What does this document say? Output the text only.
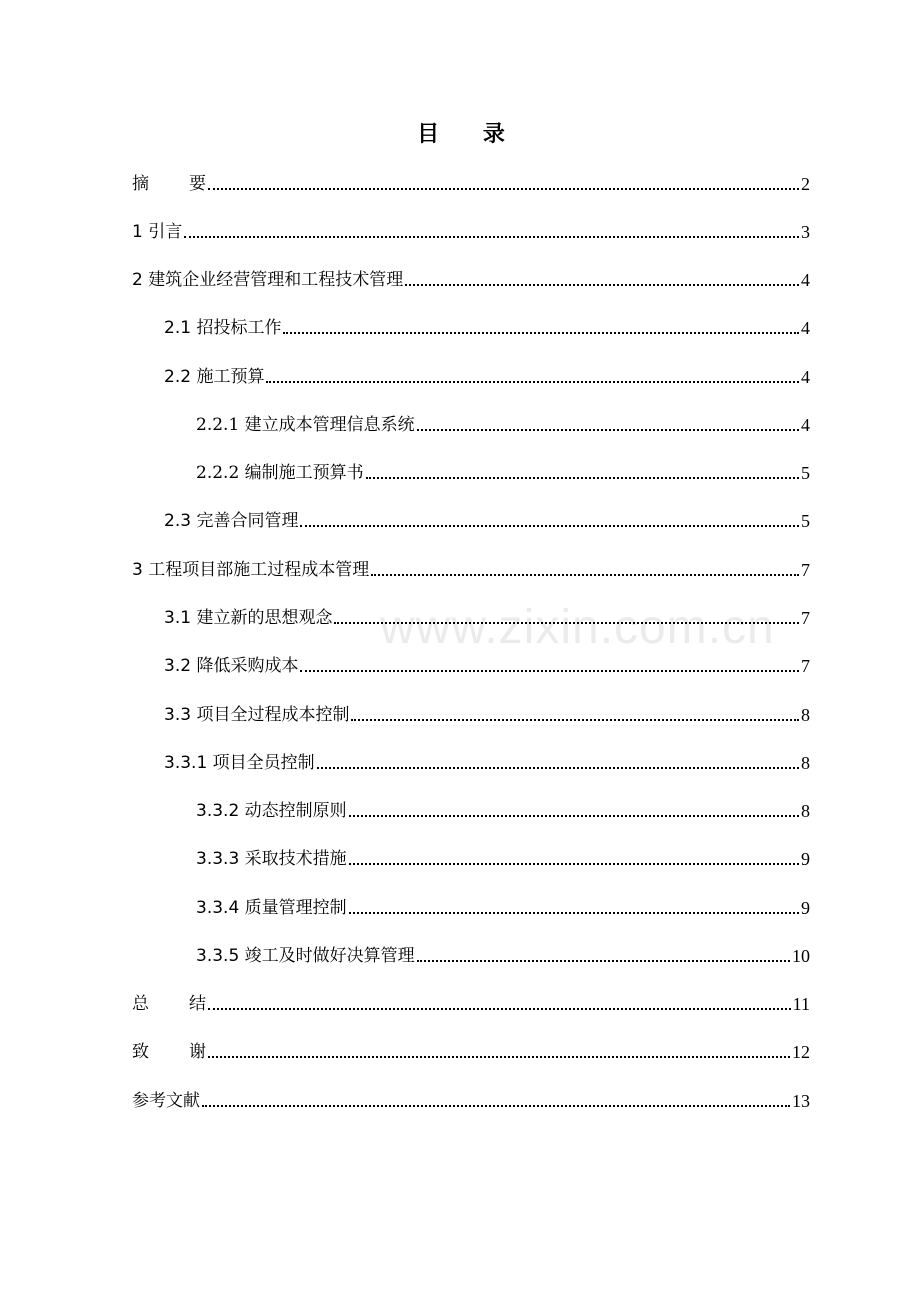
www.zixin.com.cn
目 录
摘 要	2
1 引言	3
2 建筑企业经营管理和工程技术管理	4
2.1 招投标工作	4
2.2 施工预算	4
2.2.1 建立成本管理信息系统	4
2.2.2 编制施工预算书	5
2.3 完善合同管理	5
3 工程项目部施工过程成本管理	7
3.1 建立新的思想观念	7
3.2 降低采购成本	7
3.3 项目全过程成本控制	8
3.3.1 项目全员控制	8
3.3.2 动态控制原则	8
3.3.3 采取技术措施	9
3.3.4 质量管理控制	9
3.3.5 竣工及时做好决算管理	10
总 结	11
致 谢	12
参考文献	13
